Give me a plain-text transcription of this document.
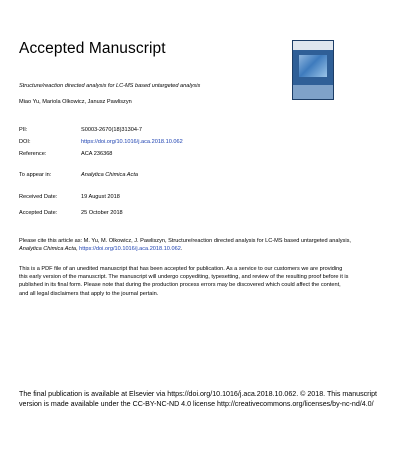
Accepted Manuscript
Structure/reaction directed analysis for LC-MS based untargeted analysis
Miao Yu, Mariola Olkowicz, Janusz Pawliszyn
PII:	S0003-2670(18)31304-7
DOI:	https://doi.org/10.1016/j.aca.2018.10.062
Reference:	ACA 236368
To appear in:	Analytica Chimica Acta
Received Date:	19 August 2018
Accepted Date:	25 October 2018
Please cite this article as: M. Yu, M. Olkowicz, J. Pawliszyn, Structure/reaction directed analysis for LC-MS based untargeted analysis, Analytica Chimica Acta, https://doi.org/10.1016/j.aca.2018.10.062.
This is a PDF file of an unedited manuscript that has been accepted for publication. As a service to our customers we are providing this early version of the manuscript. The manuscript will undergo copyediting, typesetting, and review of the resulting proof before it is published in its final form. Please note that during the production process errors may be discovered which could affect the content, and all legal disclaimers that apply to the journal pertain.
The final publication is available at Elsevier via https://doi.org/10.1016/j.aca.2018.10.062. © 2018. This manuscript version is made available under the CC-BY-NC-ND 4.0 license http://creativecommons.org/licenses/by-nc-nd/4.0/
